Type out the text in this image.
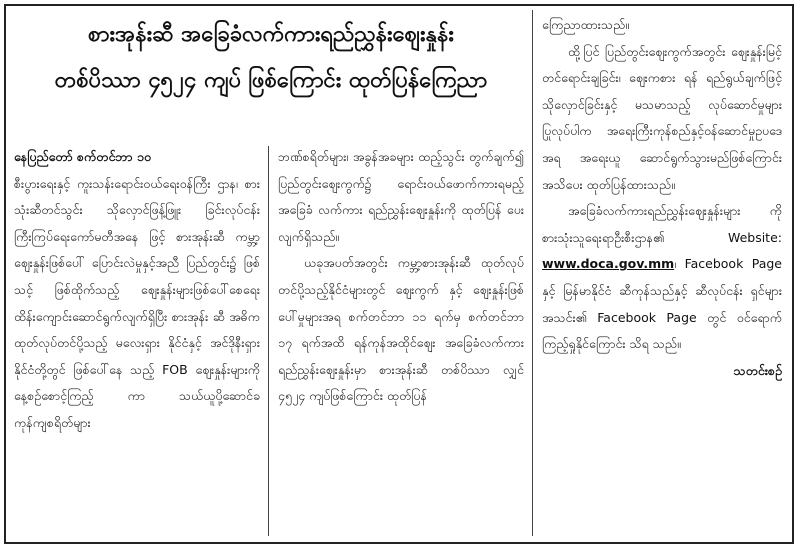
စားအုန်းဆီ အခြေခံလက်ကားရည်ညွှန်းဈေးနှုန်း
တစ်ပိဿာ ၄၅၂၄ ကျပ် ဖြစ်ကြောင်း ထုတ်ပြန်ကြေညာ

နေပြည်တော် စက်တင်ဘာ ၁၀

စီးပွားရေးနှင့် ကူးသန်းရောင်းဝယ်ရေးဝန်ကြီး ဌာန၊ စားသုံးဆီတင်သွင်း သိုလှောင်ဖြန့်ဖြူး ခြင်းလုပ်ငန်း ကြီးကြပ်ရေးကော်မတီအနေ ဖြင့် စားအုန်းဆီ ကမ္ဘာ့ဈေးနှုန်းဖြစ်ပေါ် ပြောင်းလဲမှုနှင့်အညီ ပြည်တွင်း၌ ဖြစ်သင့် ဖြစ်ထိုက်သည့် ဈေးနှုန်းများဖြစ်ပေါ်စေရေး ထိန်းကျောင်းဆောင်ရွက်လျက်ရှိပြီး စားအုန်း ဆီ အဓိကထုတ်လုပ်တင်ပို့သည့် မလေးရှား နိုင်ငံနှင့် အင်ဒိုနီးရှားနိုင်ငံတို့တွင် ဖြစ်ပေါ်နေ သည့် FOB ဈေးနှုန်းများကို နေ့စဉ်စောင့်ကြည့် ကာ သယ်ယူပို့ဆောင်ခ ကုန်ကျစရိတ်များ

ဘဏ်စရိတ်များ၊ အခွန်အခများ ထည့်သွင်း တွက်ချက်၍ ပြည်တွင်းဈေးကွက်၌ ရောင်းဝယ်ဖောက်ကားရမည့် အခြေခံ လက်ကား ရည်ညွှန်းဈေးနှုန်းကို ထုတ်ပြန် ပေးလျက်ရှိသည်။

ယခုအပတ်အတွင်း ကမ္ဘာ့စားအုန်းဆီ ထုတ်လုပ်တင်ပို့သည့်နိုင်ငံများတွင် ဈေးကွက် နှင့် ဈေးနှုန်းဖြစ်ပေါ်မှုများအရ စက်တင်ဘာ ၁၁ ရက်မှ စက်တင်ဘာ ၁၇ ရက်အထိ ရန်ကုန်အထိုင်ဈေး အခြေခံလက်ကား ရည်ညွှန်းဈေးနှုန်းမှာ စားအုန်းဆီ တစ်ပိဿာ လျှင် ၄၅၂၄ ကျပ်ဖြစ်ကြောင်း ထုတ်ပြန်

ကြေညာထားသည်။

ထို့ပြင် ပြည်တွင်းဈေးကွက်အတွင်း ဈေးနှုန်းမြင့်တင်ရောင်းချခြင်း၊ ဈေးကစား ရန် ရည်ရွယ်ချက်ဖြင့် သိုလှောင်ခြင်းနှင့် မသမာသည့် လုပ်ဆောင်မှုများပြုလုပ်ပါက အရေးကြီးကုန်စည်နှင့်ဝန်ဆောင်မှုဥပဒေအရ အရေးယူ ဆောင်ရွက်သွားမည်ဖြစ်ကြောင်း အသိပေး ထုတ်ပြန်ထားသည်။

အခြေခံလက်ကားရည်ညွှန်းဈေးနှုန်းများ ကို စားသုံးသူရေးရာဦးစီးဌာန၏ Website: www.doca.gov.mm၊ Facebook Page နှင့် မြန်မာနိုင်ငံ ဆီကုန်သည်နှင့် ဆီလုပ်ငန်း ရှင်များအသင်း၏ Facebook Page တွင် ဝင်ရောက်ကြည့်ရှုနိုင်ကြောင်း သိရ သည်။

သတင်းစဉ်
